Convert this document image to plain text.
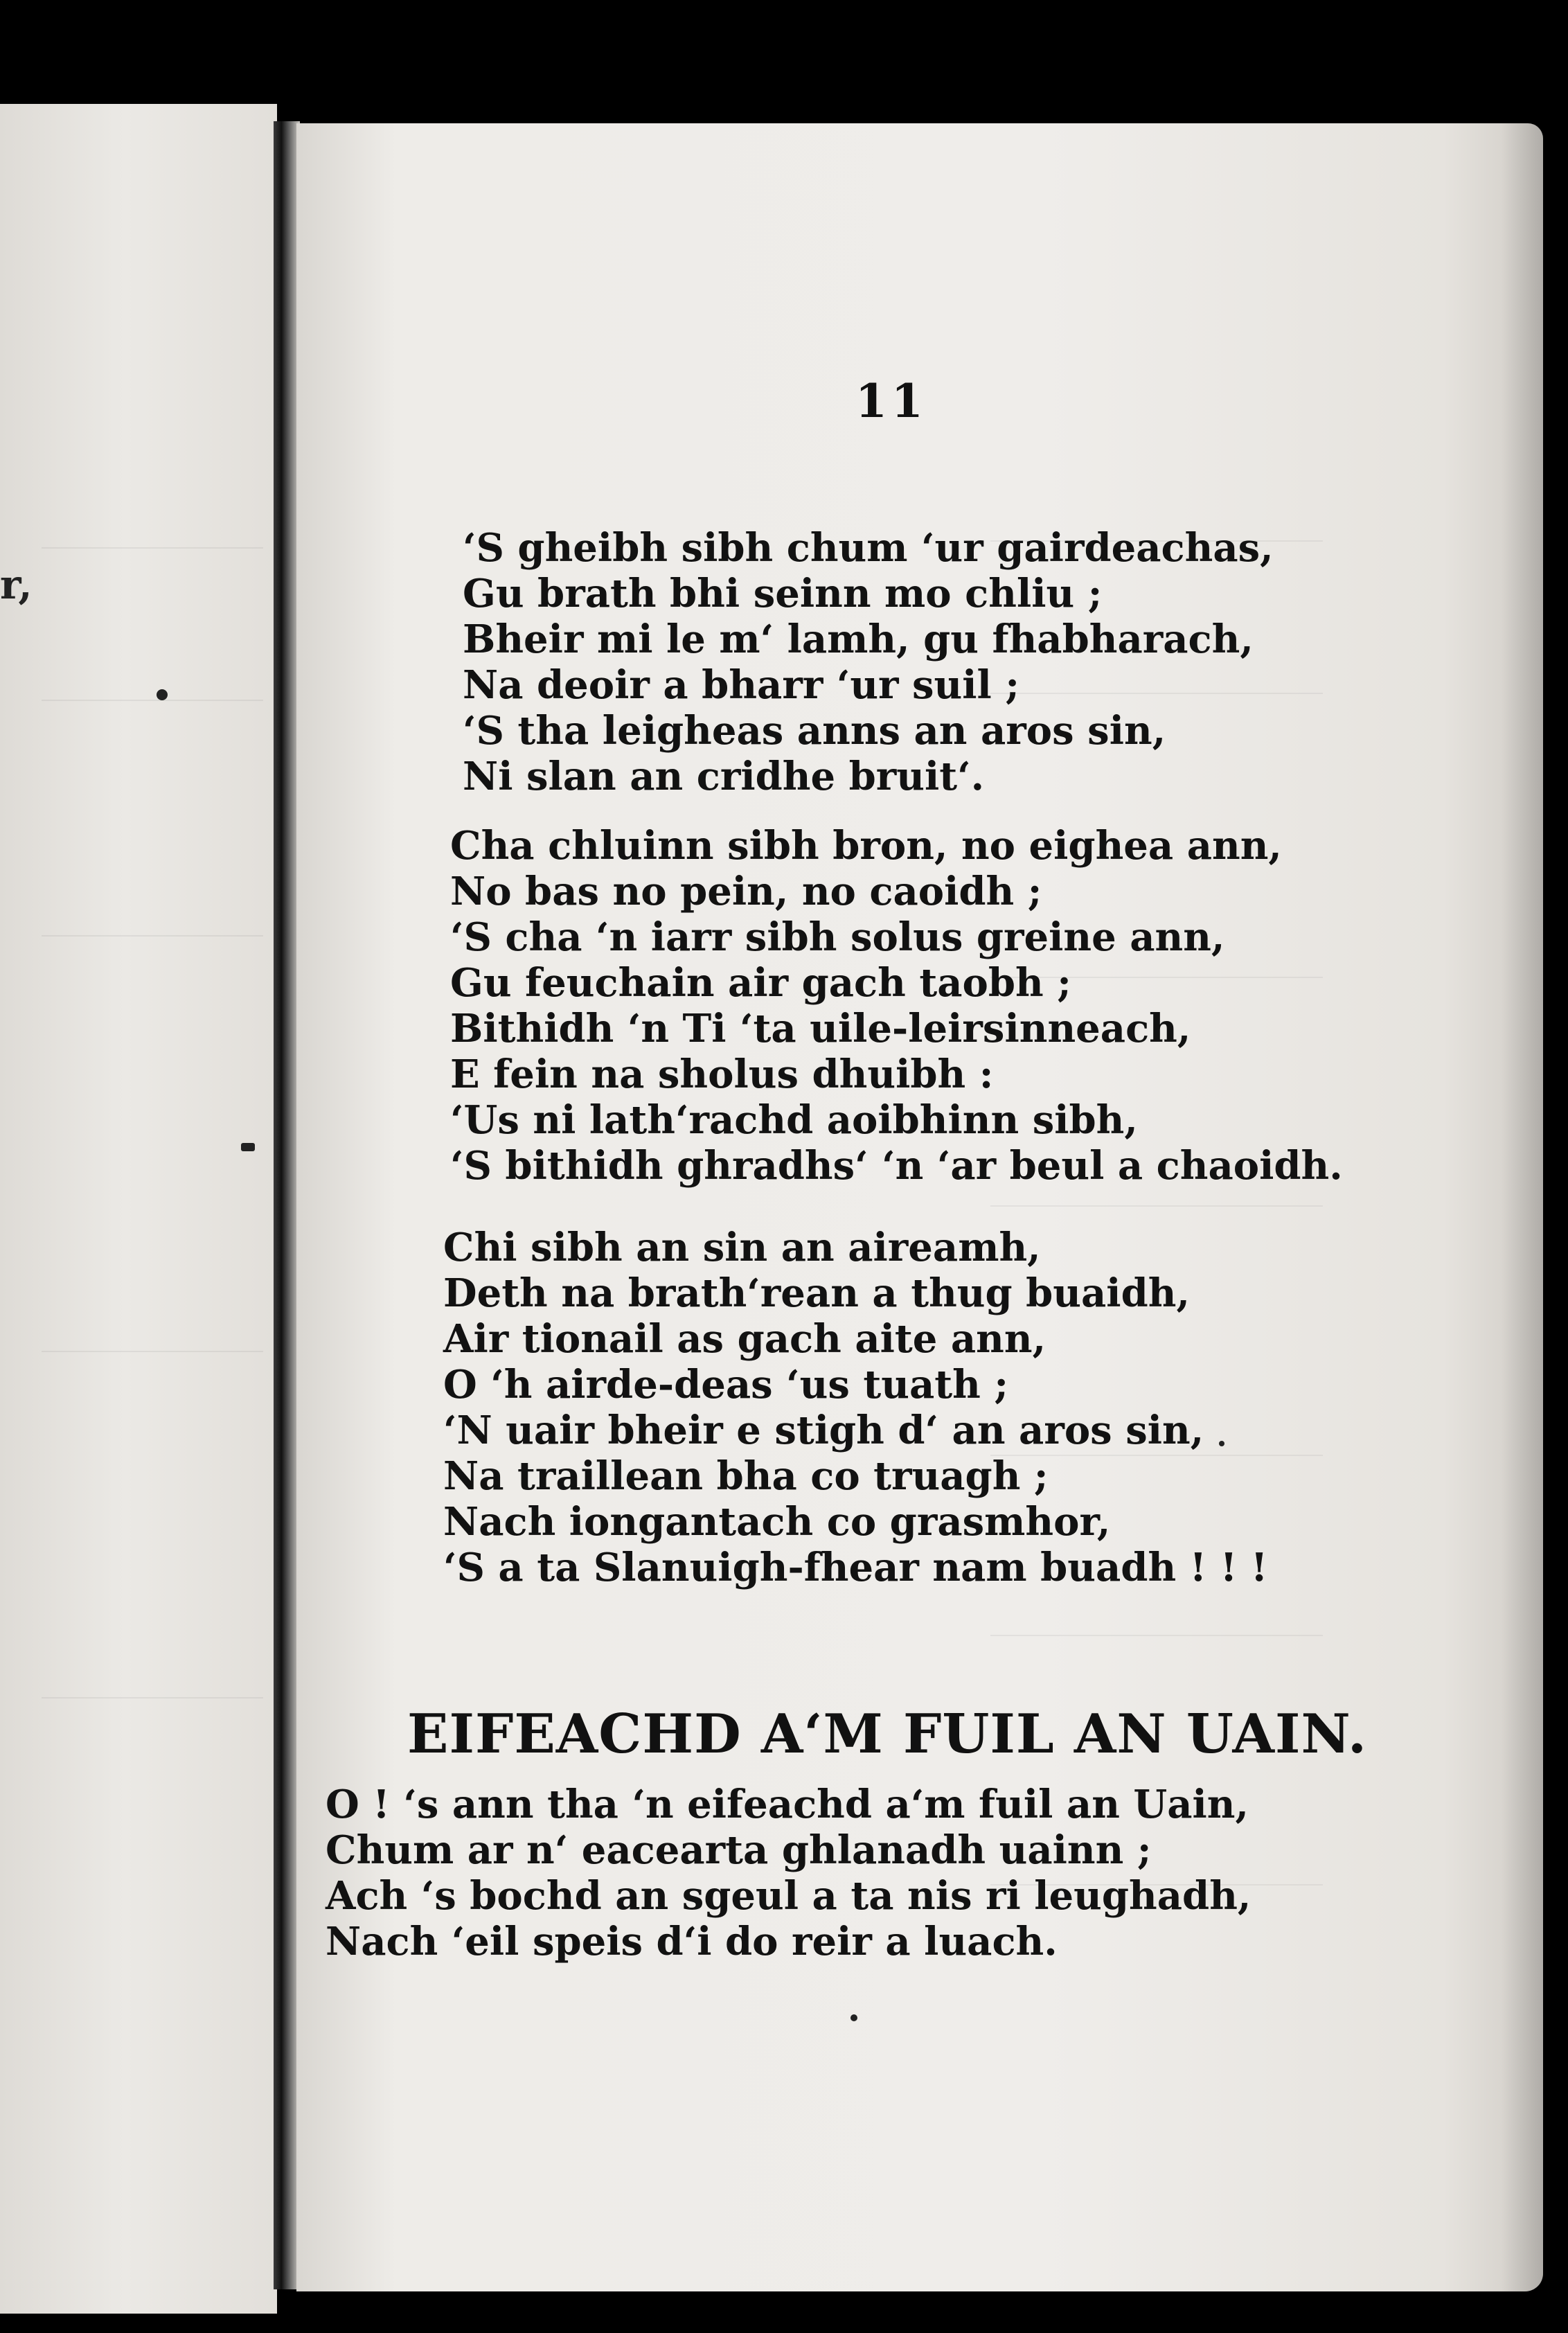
r,
11
‘S gheibh sibh chum ‘ur gairdeachas,
Gu brath bhi seinn mo chliu ;
Bheir mi le m‘ lamh, gu fhabharach,
Na deoir a bharr ‘ur suil ;
‘S tha leigheas anns an aros sin,
Ni slan an cridhe bruit‘.
Cha chluinn sibh bron, no eighea ann,
No bas no pein, no caoidh ;
‘S cha ‘n iarr sibh solus greine ann,
Gu feuchain air gach taobh ;
Bithidh ‘n Ti ‘ta uile-leirsinneach,
E fein na sholus dhuibh :
‘Us ni lath‘rachd aoibhinn sibh,
‘S bithidh ghradhs‘ ‘n ‘ar beul a chaoidh.
Chi sibh an sin an aireamh,
Deth na brath‘rean a thug buaidh,
Air tionail as gach aite ann,
O ‘h airde-deas ‘us tuath ;
‘N uair bheir e stigh d‘ an aros sin,
Na traillean bha co truagh ;
Nach iongantach co grasmhor,
‘S a ta Slanuigh-fhear nam buadh ! ! !
EIFEACHD A‘M FUIL AN UAIN.
O ! ‘s ann tha ‘n eifeachd a‘m fuil an Uain,
Chum ar n‘ eacearta ghlanadh uainn ;
Ach ‘s bochd an sgeul a ta nis ri leughadh,
Nach ‘eil speis d‘i do reir a luach.
